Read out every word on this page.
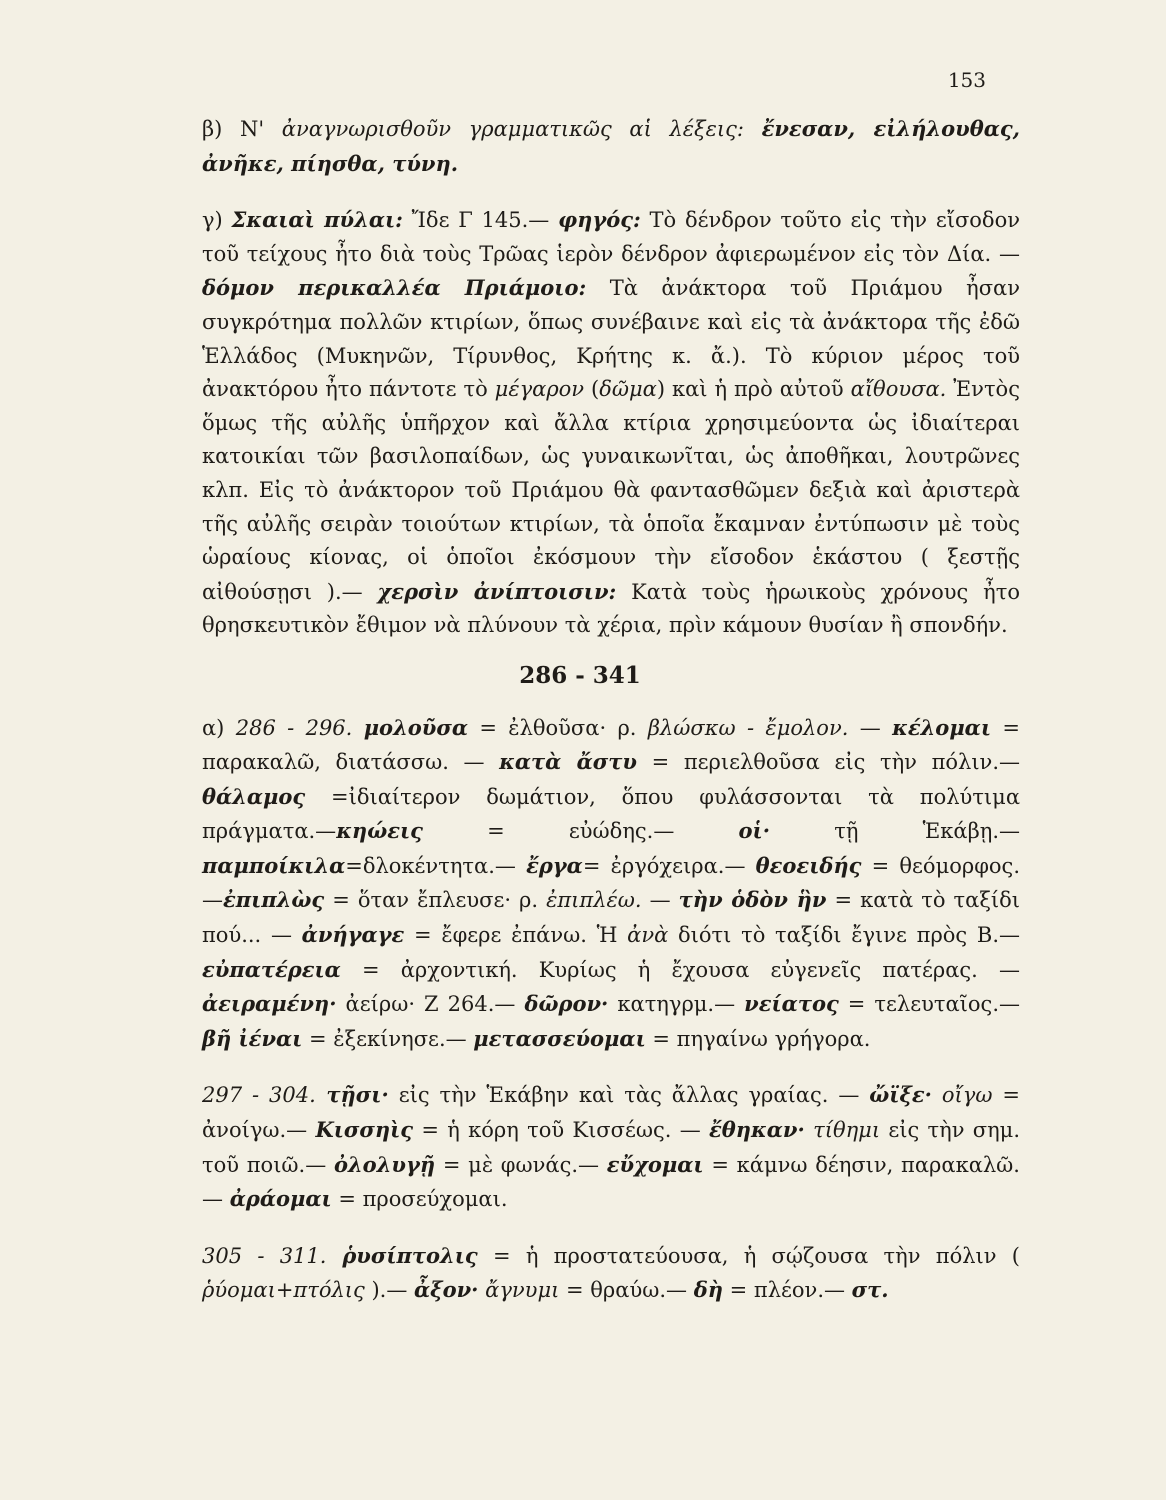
153

β) Ν' ἀναγνωρισθοῦν γραμματικῶς αἱ λέξεις: ἔνεσαν, εἰλήλουθας, ἀνῆκε, πίησθα, τύνη.

γ) Σκαιαὶ πύλαι: Ἴδε Γ 145.— φηγός: Τὸ δένδρον τοῦτο εἰς τὴν εἴσοδον τοῦ τείχους ἦτο διὰ τοὺς Τρῶας ἱερὸν δένδρον ἀφιερωμένον εἰς τὸν Δία. — δόμον περικαλλέα Πριάμοιο: Τὰ ἀνάκτορα τοῦ Πριάμου ἦσαν συγκρότημα πολλῶν κτιρίων, ὅπως συνέβαινε καὶ εἰς τὰ ἀνάκτορα τῆς ἐδῶ Ἑλλάδος (Μυκηνῶν, Τίρυνθος, Κρήτης κ. ἄ.). Τὸ κύριον μέρος τοῦ ἀνακτόρου ἦτο πάντοτε τὸ μέγαρον (δῶμα) καὶ ἡ πρὸ αὐτοῦ αἴθουσα. Ἐντὸς ὅμως τῆς αὐλῆς ὑπῆρχον καὶ ἄλλα κτίρια χρησιμεύοντα ὡς ἰδιαίτεραι κατοικίαι τῶν βασιλοπαίδων, ὡς γυναικωνῖται, ὡς ἀποθῆκαι, λουτρῶνες κλπ. Εἰς τὸ ἀνάκτορον τοῦ Πριάμου θὰ φαντασθῶμεν δεξιὰ καὶ ἀριστερὰ τῆς αὐλῆς σειρὰν τοιούτων κτιρίων, τὰ ὁποῖα ἔκαμναν ἐντύπωσιν μὲ τοὺς ὡραίους κίονας, οἱ ὁποῖοι ἐκόσμουν τὴν εἴσοδον ἑκάστου ( ξεστῇς αἰθούσῃσι ).— χερσὶν ἀνίπτοισιν: Κατὰ τοὺς ἡρωικοὺς χρόνους ἦτο θρησκευτικὸν ἔθιμον νὰ πλύνουν τὰ χέρια, πρὶν κάμουν θυσίαν ἢ σπονδήν.

286 - 341

α) 286 - 296. μολοῦσα = ἐλθοῦσα· ρ. βλώσκω - ἔμολον. — κέλομαι = παρακαλῶ, διατάσσω. — κατὰ ἄστυ = περιελθοῦσα εἰς τὴν πόλιν.— θάλαμος =ἰδιαίτερον δωμάτιον, ὅπου φυλάσσονται τὰ πολύτιμα πράγματα.—κηώεις = εὐώδης.— οἱ· τῇ Ἑκάβῃ.— παμποίκιλα=δλοκέντητα.— ἔργα= ἐργόχειρα.— θεοειδής = θεόμορφος.—ἐπιπλὼς = ὅταν ἔπλευσε· ρ. ἐπιπλέω. — τὴν ὁδὸν ἣν = κατὰ τὸ ταξίδι πού... — ἀνήγαγε = ἔφερε ἐπάνω. Ἡ ἀνὰ διότι τὸ ταξίδι ἔγινε πρὸς Β.— εὐπατέρεια = ἀρχοντική. Κυρίως ἡ ἔχουσα εὐγενεῖς πατέρας. — ἀειραμένη· ἀείρω· Ζ 264.— δῶρον· κατηγρμ.— νείατος = τελευταῖος.— βῆ ἰέναι = ἐξεκίνησε.— μετασσεύομαι = πηγαίνω γρήγορα.

297 - 304. τῇσι· εἰς τὴν Ἑκάβην καὶ τὰς ἄλλας γραίας. — ὤϊξε· οἴγω = ἀνοίγω.— Κισσηὶς = ἡ κόρη τοῦ Κισσέως. — ἔθηκαν· τίθημι εἰς τὴν σημ. τοῦ ποιῶ.— ὀλολυγῇ = μὲ φωνάς.— εὔχομαι = κάμνω δέησιν, παρακαλῶ.— ἀράομαι = προσεύχομαι.

305 - 311. ῥυσίπτολις = ἡ προστατεύουσα, ἡ σῴζουσα τὴν πόλιν ( ῥύομαι+πτόλις ).— ἆξον· ἄγνυμι = θραύω.— δὴ = πλέον.— στ.
